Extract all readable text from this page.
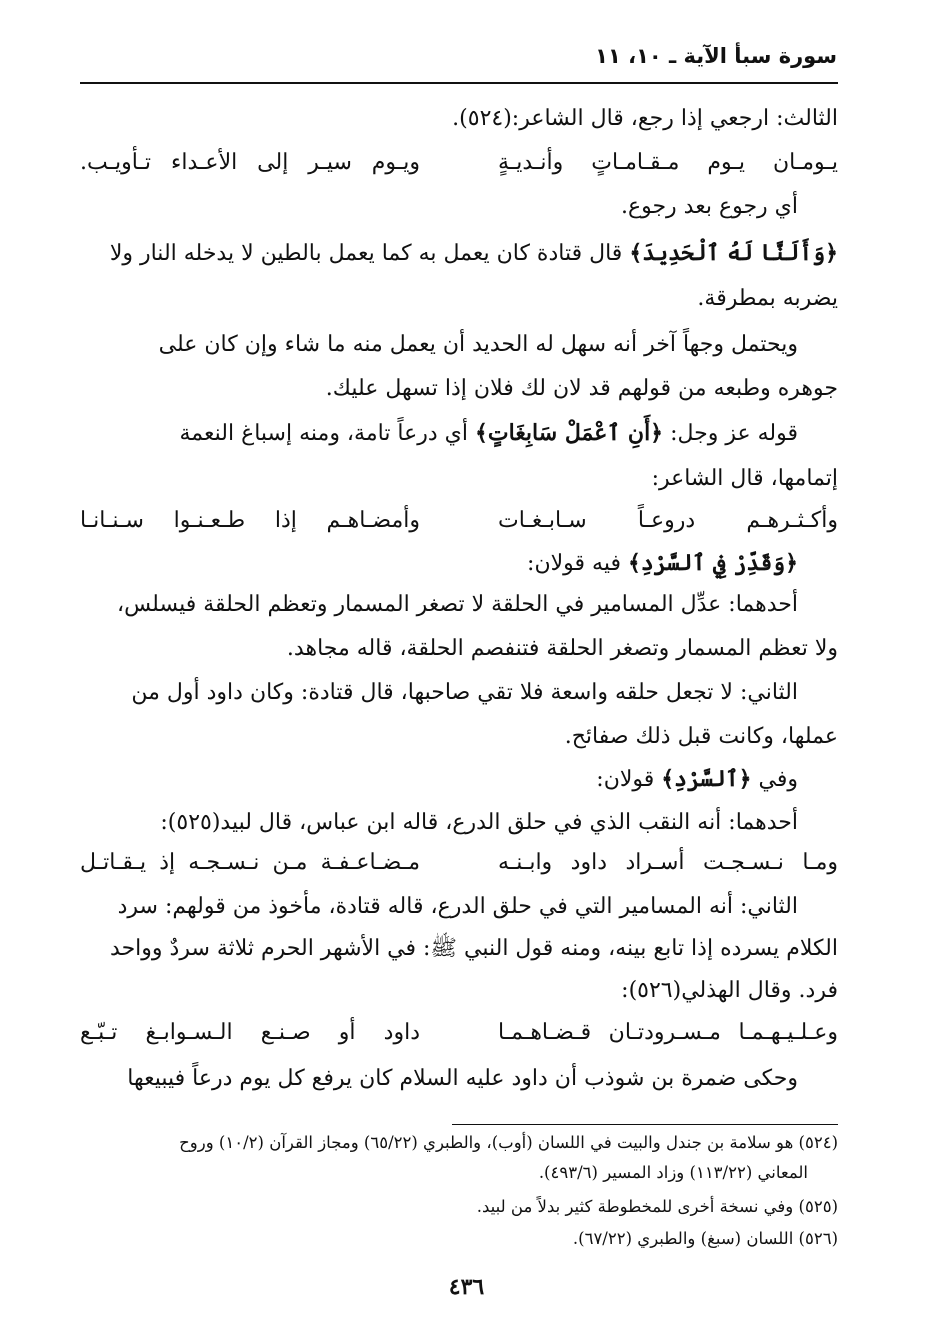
سورة سبأ الآية ـ ١٠، ١١
الثالث: ارجعي إذا رجع، قال الشاعر:(٥٢٤).
يـومـان يـوم مـقـامـاتٍ وأنـديـةٍ
ويـوم سيـر إلى الأعـداء تـأويـب.
أي رجوع بعد رجوع.
﴿وَأَلَنَّا لَهُ ٱلْحَدِيدَ﴾ قال قتادة كان يعمل به كما يعمل بالطين لا يدخله النار ولا
يضربه بمطرقة.
ويحتمل وجهاً آخر أنه سهل له الحديد أن يعمل منه ما شاء وإن كان على
جوهره وطبعه من قولهم قد لان لك فلان إذا تسهل عليك.
قوله عز وجل: ﴿أَنِ ٱعْمَلْ سَابِغَاتٍ﴾ أي درعاً تامة، ومنه إسباغ النعمة
إتمامها، قال الشاعر:
وأكـثـرهـم دروعـاً سـابـغـات
وأمضـاهـم إذا طـعـنـوا سـنـانـا
﴿وَقَدِّرْ فِي ٱلسَّرْدِ﴾ فيه قولان:
أحدهما: عدِّل المسامير في الحلقة لا تصغر المسمار وتعظم الحلقة فيسلس،
ولا تعظم المسمار وتصغر الحلقة فتنفصم الحلقة، قاله مجاهد.
الثاني: لا تجعل حلقه واسعة فلا تقي صاحبها، قال قتادة: وكان داود أول من
عملها، وكانت قبل ذلك صفائح.
وفي ﴿ٱلسَّرْدِ﴾ قولان:
أحدهما: أنه النقب الذي في حلق الدرع، قاله ابن عباس، قال لبيد(٥٢٥):
ومـا نـسـجـت أسـراد داود وابـنـه
مـضـاعـفـة مـن نـسـجـه إذ يـقـاتـل
الثاني: أنه المسامير التي في حلق الدرع، قاله قتادة، مأخوذ من قولهم: سرد
الكلام يسرده إذا تابع بينه، ومنه قول النبي ﷺ: في الأشهر الحرم ثلاثة سردٌ وواحد
فرد. وقال الهذلي(٥٢٦):
وعـلـيـهـمـا مـسـرودتـان قـضـاهـمـا
داود أو صـنـع الـسـوابـغ تـبّـع
وحكى ضمرة بن شوذب أن داود عليه السلام كان يرفع كل يوم درعاً فيبيعها
(٥٢٤) هو سلامة بن جندل والبيت في اللسان (أوب)، والطبري (٦٥/٢٢) ومجاز القرآن (١٠/٢) وروح
المعاني (١١٣/٢٢) وزاد المسير (٤٩٣/٦).
(٥٢٥) وفي نسخة أخرى للمخطوطة كثير بدلاً من لبيد.
(٥٢٦) اللسان (سبغ) والطبري (٦٧/٢٢).
٤٣٦
